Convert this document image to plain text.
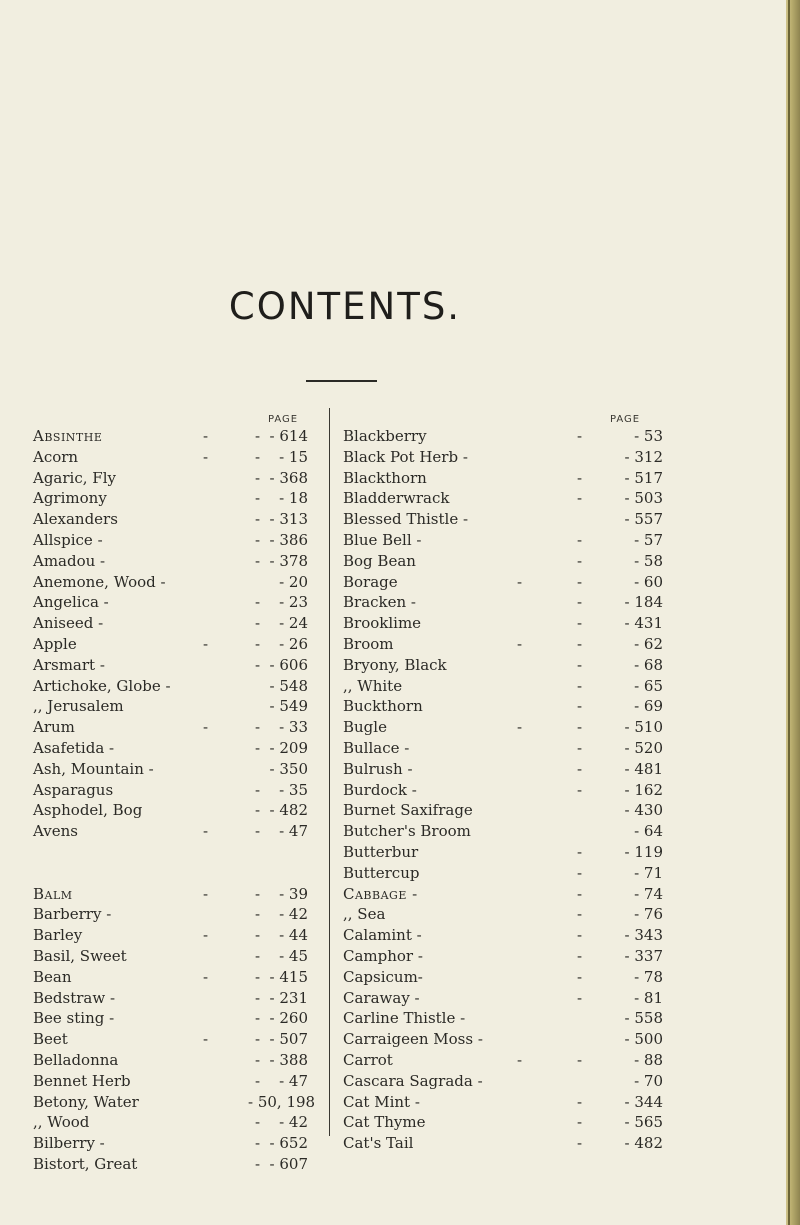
CONTENTS.
PAGE	PAGE
Absinthe	-	- - 614
Acorn	-	-	- 15
Agaric, Fly	- - 368
Agrimony	-	- 18
Alexanders	- - 313
Allspice -	- - 386
Amadou -	- - 378
Anemone, Wood -	- 20
Angelica -	-	- 23
Aniseed -	-	- 24
Apple	-	-	- 26
Arsmart -	- - 606
Artichoke, Globe -	- 548
,, Jerusalem	- 549
Arum	-	-	- 33
Asafetida -	- - 209
Ash, Mountain -	- 350
Asparagus	-	- 35
Asphodel, Bog	- - 482
Avens	-	-	- 47
Balm	-	-	- 39
Barberry -	-	- 42
Barley	-	-	- 44
Basil, Sweet	-	- 45
Bean	-	- - 415
Bedstraw -	- - 231
Bee sting -	- - 260
Beet	-	- - 507
Belladonna	- - 388
Bennet Herb	-	- 47
Betony, Water	- 50, 198
,, Wood	-	- 42
Bilberry -	- - 652
Bistort, Great	- - 607
Blackberry	-	- 53
Black Pot Herb -	- 312
Blackthorn	-	- 517
Bladderwrack	-	- 503
Blessed Thistle -	- 557
Blue Bell -	-	- 57
Bog Bean	-	- 58
Borage	-	-	- 60
Bracken -	-	- 184
Brooklime	-	- 431
Broom	-	-	- 62
Bryony, Black	-	- 68
,, White	-	- 65
Buckthorn	-	- 69
Bugle	-	-	- 510
Bullace -	-	- 520
Bulrush -	-	- 481
Burdock -	-	- 162
Burnet Saxifrage	- 430
Butcher's Broom	- 64
Butterbur	-	- 119
Buttercup	-	- 71
Cabbage -	-	- 74
,, Sea	-	- 76
Calamint -	-	- 343
Camphor -	-	- 337
Capsicum-	-	- 78
Caraway -	-	- 81
Carline Thistle -	- 558
Carraigeen Moss -	- 500
Carrot	-	-	- 88
Cascara Sagrada -	- 70
Cat Mint -	-	- 344
Cat Thyme	-	- 565
Cat's Tail	-	- 482
